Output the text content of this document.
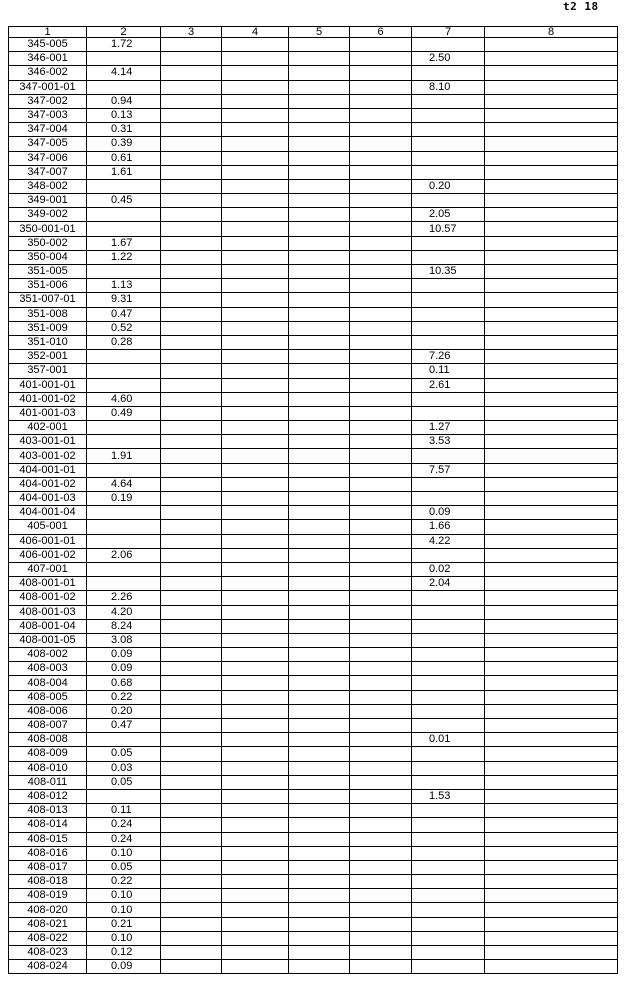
t2 18
1	2	3	4	5	6	7	8
345-005	1.72						
346-001						2.50	
346-002	4.14						
347-001-01						8.10	
347-002	0.94						
347-003	0.13						
347-004	0.31						
347-005	0.39						
347-006	0.61						
347-007	1.61						
348-002						0.20	
349-001	0.45						
349-002						2.05	
350-001-01						10.57	
350-002	1.67						
350-004	1.22						
351-005						10.35	
351-006	1.13						
351-007-01	9.31						
351-008	0.47						
351-009	0.52						
351-010	0.28						
352-001						7.26	
357-001						0.11	
401-001-01						2.61	
401-001-02	4.60						
401-001-03	0.49						
402-001						1.27	
403-001-01						3.53	
403-001-02	1.91						
404-001-01						7.57	
404-001-02	4.64						
404-001-03	0.19						
404-001-04						0.09	
405-001						1.66	
406-001-01						4.22	
406-001-02	2.06						
407-001						0.02	
408-001-01						2.04	
408-001-02	2.26						
408-001-03	4.20						
408-001-04	8.24						
408-001-05	3.08						
408-002	0.09						
408-003	0.09						
408-004	0.68						
408-005	0.22						
408-006	0.20						
408-007	0.47						
408-008						0.01	
408-009	0.05						
408-010	0.03						
408-011	0.05						
408-012						1.53	
408-013	0.11						
408-014	0.24						
408-015	0.24						
408-016	0.10						
408-017	0.05						
408-018	0.22						
408-019	0.10						
408-020	0.10						
408-021	0.21						
408-022	0.10						
408-023	0.12						
408-024	0.09						
